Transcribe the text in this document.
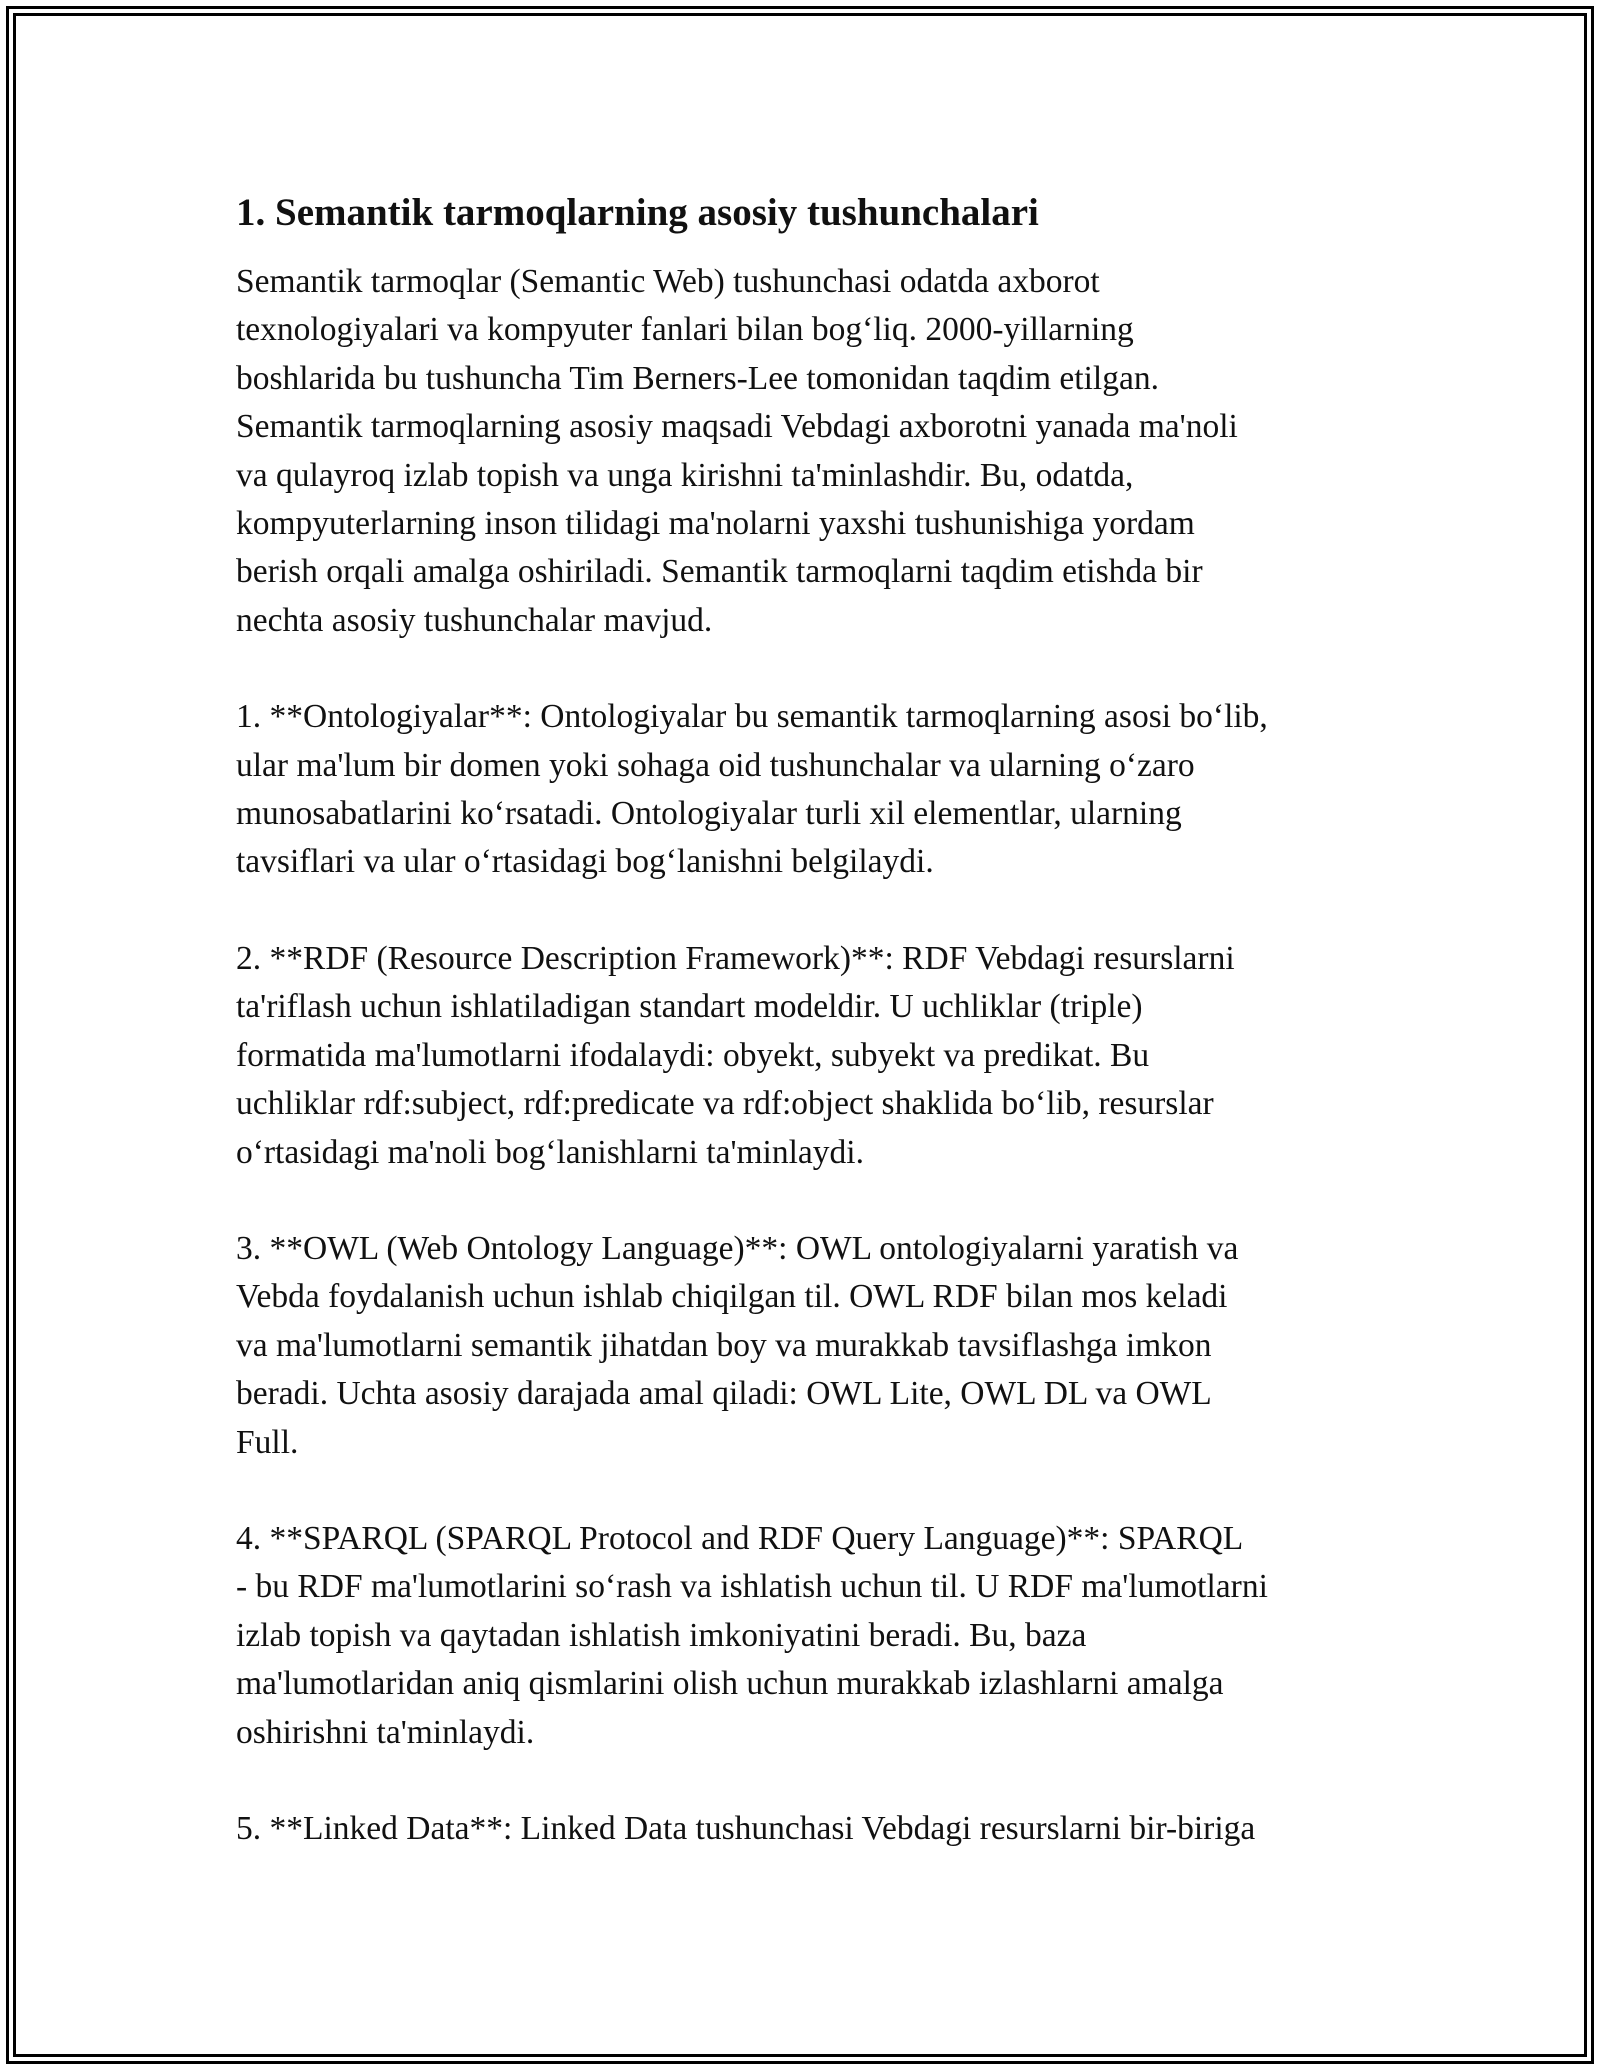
1. Semantik tarmoqlarning asosiy tushunchalari

Semantik tarmoqlar (Semantic Web) tushunchasi odatda axborot
texnologiyalari va kompyuter fanlari bilan bog‘liq. 2000-yillarning
boshlarida bu tushuncha Tim Berners-Lee tomonidan taqdim etilgan.
Semantik tarmoqlarning asosiy maqsadi Vebdagi axborotni yanada ma'noli
va qulayroq izlab topish va unga kirishni ta'minlashdir. Bu, odatda,
kompyuterlarning inson tilidagi ma'nolarni yaxshi tushunishiga yordam
berish orqali amalga oshiriladi. Semantik tarmoqlarni taqdim etishda bir
nechta asosiy tushunchalar mavjud.

1. **Ontologiyalar**: Ontologiyalar bu semantik tarmoqlarning asosi bo‘lib,
ular ma'lum bir domen yoki sohaga oid tushunchalar va ularning o‘zaro
munosabatlarini ko‘rsatadi. Ontologiyalar turli xil elementlar, ularning
tavsiflari va ular o‘rtasidagi bog‘lanishni belgilaydi.

2. **RDF (Resource Description Framework)**: RDF Vebdagi resurslarni
ta'riflash uchun ishlatiladigan standart modeldir. U uchliklar (triple)
formatida ma'lumotlarni ifodalaydi: obyekt, subyekt va predikat. Bu
uchliklar rdf:subject, rdf:predicate va rdf:object shaklida bo‘lib, resurslar
o‘rtasidagi ma'noli bog‘lanishlarni ta'minlaydi.

3. **OWL (Web Ontology Language)**: OWL ontologiyalarni yaratish va
Vebda foydalanish uchun ishlab chiqilgan til. OWL RDF bilan mos keladi
va ma'lumotlarni semantik jihatdan boy va murakkab tavsiflashga imkon
beradi. Uchta asosiy darajada amal qiladi: OWL Lite, OWL DL va OWL
Full.

4. **SPARQL (SPARQL Protocol and RDF Query Language)**: SPARQL
- bu RDF ma'lumotlarini so‘rash va ishlatish uchun til. U RDF ma'lumotlarni
izlab topish va qaytadan ishlatish imkoniyatini beradi. Bu, baza
ma'lumotlaridan aniq qismlarini olish uchun murakkab izlashlarni amalga
oshirishni ta'minlaydi.

5. **Linked Data**: Linked Data tushunchasi Vebdagi resurslarni bir-biriga
